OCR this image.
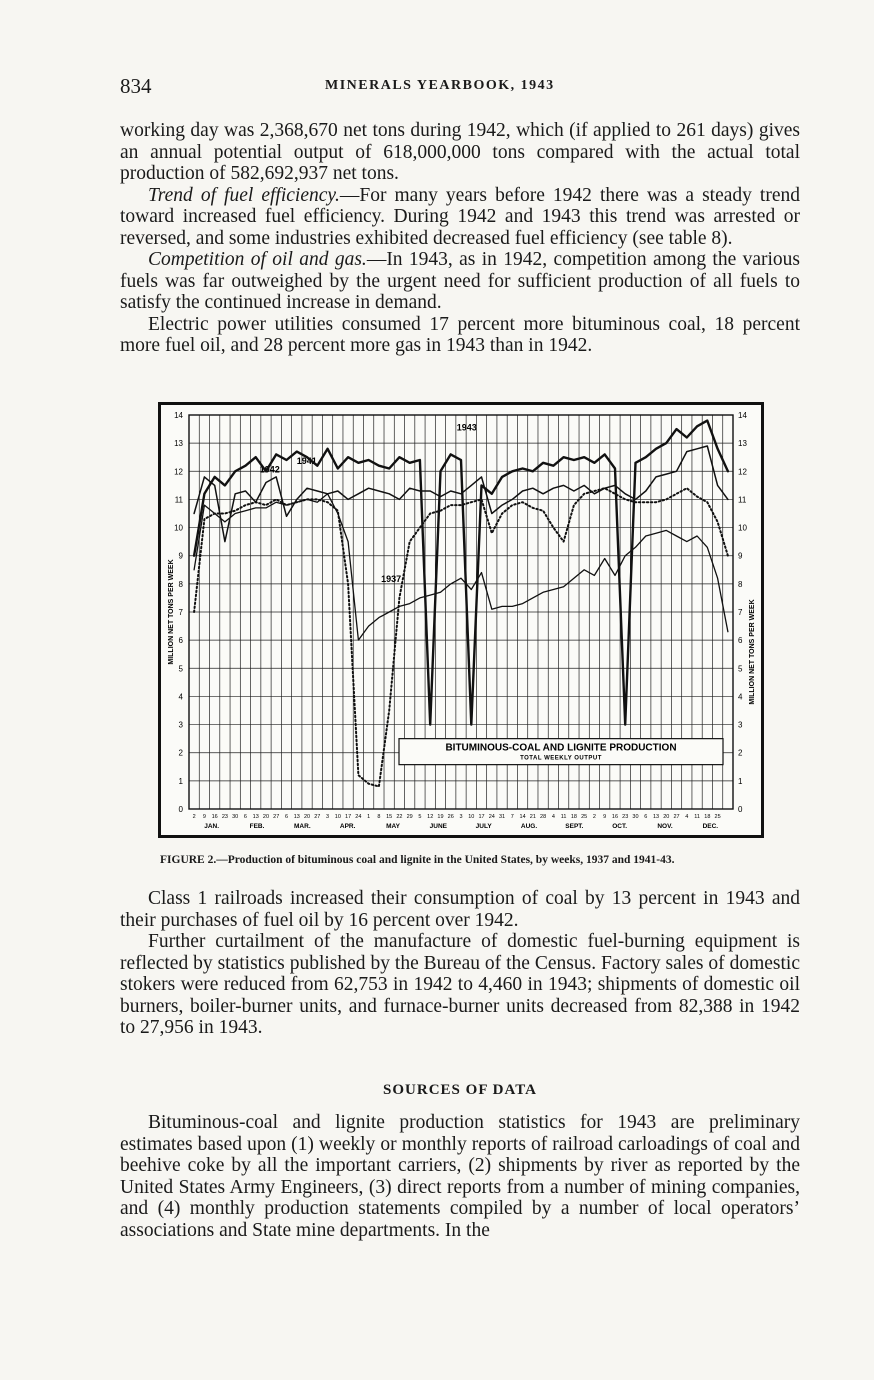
834	MINERALS YEARBOOK, 1943

working day was 2,368,670 net tons during 1942, which (if applied to 261 days) gives an annual potential output of 618,000,000 tons compared with the actual total production of 582,692,937 net tons.

Trend of fuel efficiency.—For many years before 1942 there was a steady trend toward increased fuel efficiency. During 1942 and 1943 this trend was arrested or reversed, and some industries exhibited decreased fuel efficiency (see table 8).

Competition of oil and gas.—In 1943, as in 1942, competition among the various fuels was far outweighed by the urgent need for sufficient production of all fuels to satisfy the continued increase in demand.

Electric power utilities consumed 17 percent more bituminous coal, 18 percent more fuel oil, and 28 percent more gas in 1943 than in 1942.

0	0
1	1
2	2
3	3
4	4
5	5
6	6
7	7
8	8
9	9
10	10
11	11
12	12
13	13
14	14
MILLION NET TONS PER WEEK	MILLION NET TONS PER WEEK
2 9 16 23 30 6 13 20 27 6 13 20 27 3 10 17 24 1 8 15 22 29 5 12 19 26 3 10 17 24 31 7 14 21 28 4 11 18 25 2 9 16 23 30 6 13 20 27 4 11 18 25
JAN.	FEB.	MAR.	APR.	MAY	JUNE	JULY	AUG.	SEPT.	OCT.	NOV.	DEC.
1937
1941
1942
1943
BITUMINOUS-COAL AND LIGNITE PRODUCTION
TOTAL WEEKLY OUTPUT
FIGURE 2.—Production of bituminous coal and lignite in the United States, by weeks, 1937 and 1941-43.

Class 1 railroads increased their consumption of coal by 13 percent in 1943 and their purchases of fuel oil by 16 percent over 1942.

Further curtailment of the manufacture of domestic fuel-burning equipment is reflected by statistics published by the Bureau of the Census. Factory sales of domestic stokers were reduced from 62,753 in 1942 to 4,460 in 1943; shipments of domestic oil burners, boiler-burner units, and furnace-burner units decreased from 82,388 in 1942 to 27,956 in 1943.

SOURCES OF DATA

Bituminous-coal and lignite production statistics for 1943 are preliminary estimates based upon (1) weekly or monthly reports of railroad carloadings of coal and beehive coke by all the important carriers, (2) shipments by river as reported by the United States Army Engineers, (3) direct reports from a number of mining companies, and (4) monthly production statements compiled by a number of local operators’ associations and State mine departments. In the
